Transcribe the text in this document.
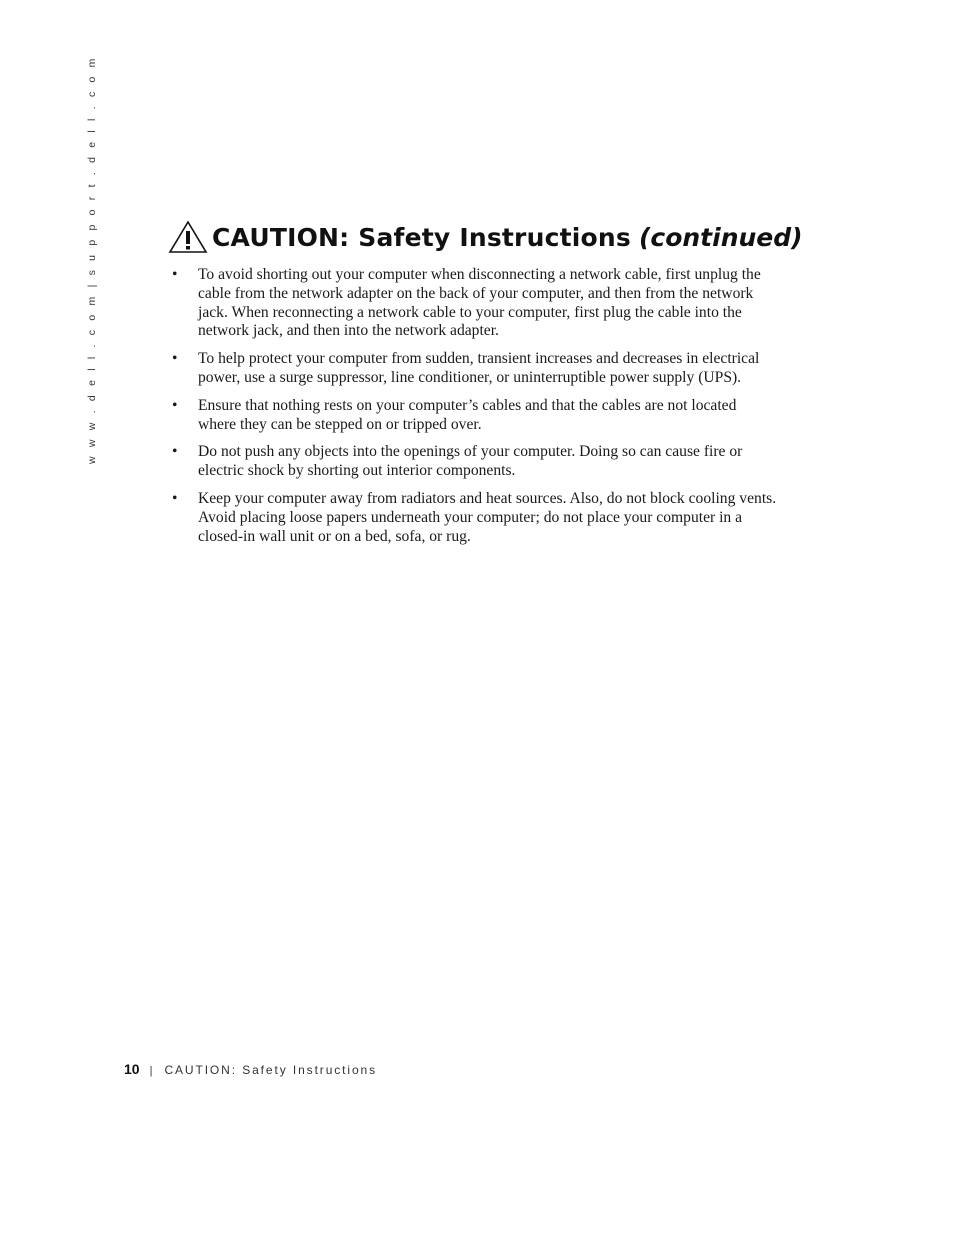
w w w . d e l l . c o m | s u p p o r t . d e l l . c o m	CAUTION: Safety Instructions (continued)
• To avoid shorting out your computer when disconnecting a network cable, first unplug the cable from the network adapter on the back of your computer, and then from the network jack. When reconnecting a network cable to your computer, first plug the cable into the network jack, and then into the network adapter.
• To help protect your computer from sudden, transient increases and decreases in electrical power, use a surge suppressor, line conditioner, or uninterruptible power supply (UPS).
• Ensure that nothing rests on your computer’s cables and that the cables are not located where they can be stepped on or tripped over.
• Do not push any objects into the openings of your computer. Doing so can cause fire or electric shock by shorting out interior components.
• Keep your computer away from radiators and heat sources. Also, do not block cooling vents. Avoid placing loose papers underneath your computer; do not place your computer in a closed-in wall unit or on a bed, sofa, or rug.
10 | CAUTION: Safety Instructions
